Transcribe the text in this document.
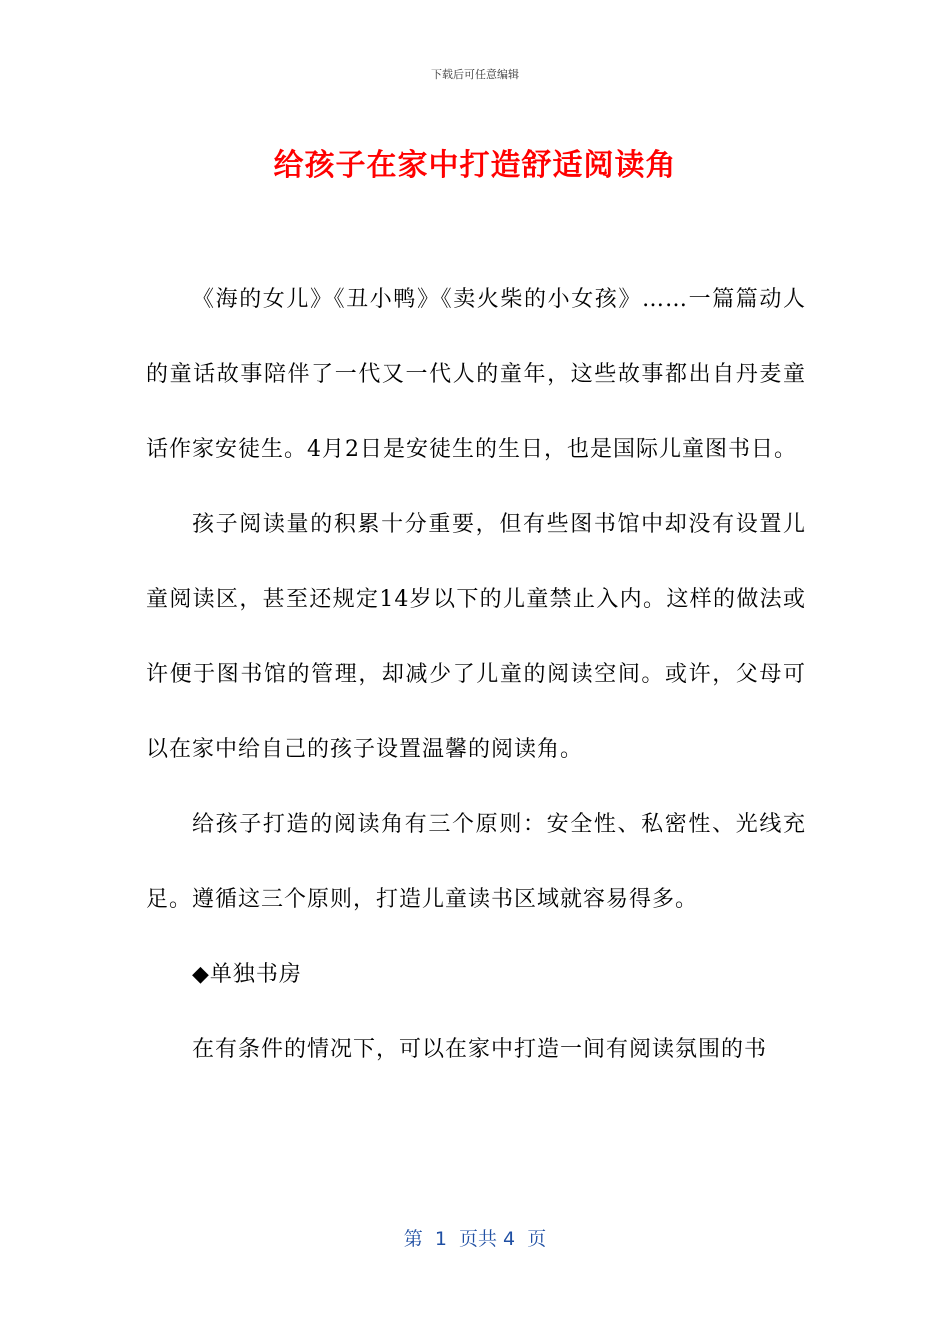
下载后可任意编辑
给孩子在家中打造舒适阅读角

《海的女儿》《丑小鸭》《卖火柴的小女孩》……一篇篇动人的童话故事陪伴了一代又一代人的童年，这些故事都出自丹麦童话作家安徒生。4月2日是安徒生的生日，也是国际儿童图书日。

孩子阅读量的积累十分重要，但有些图书馆中却没有设置儿童阅读区，甚至还规定14岁以下的儿童禁止入内。这样的做法或许便于图书馆的管理，却减少了儿童的阅读空间。或许，父母可以在家中给自己的孩子设置温馨的阅读角。

给孩子打造的阅读角有三个原则：安全性、私密性、光线充足。遵循这三个原则，打造儿童读书区域就容易得多。

◆单独书房

在有条件的情况下，可以在家中打造一间有阅读氛围的书

第  1  页共 4  页
